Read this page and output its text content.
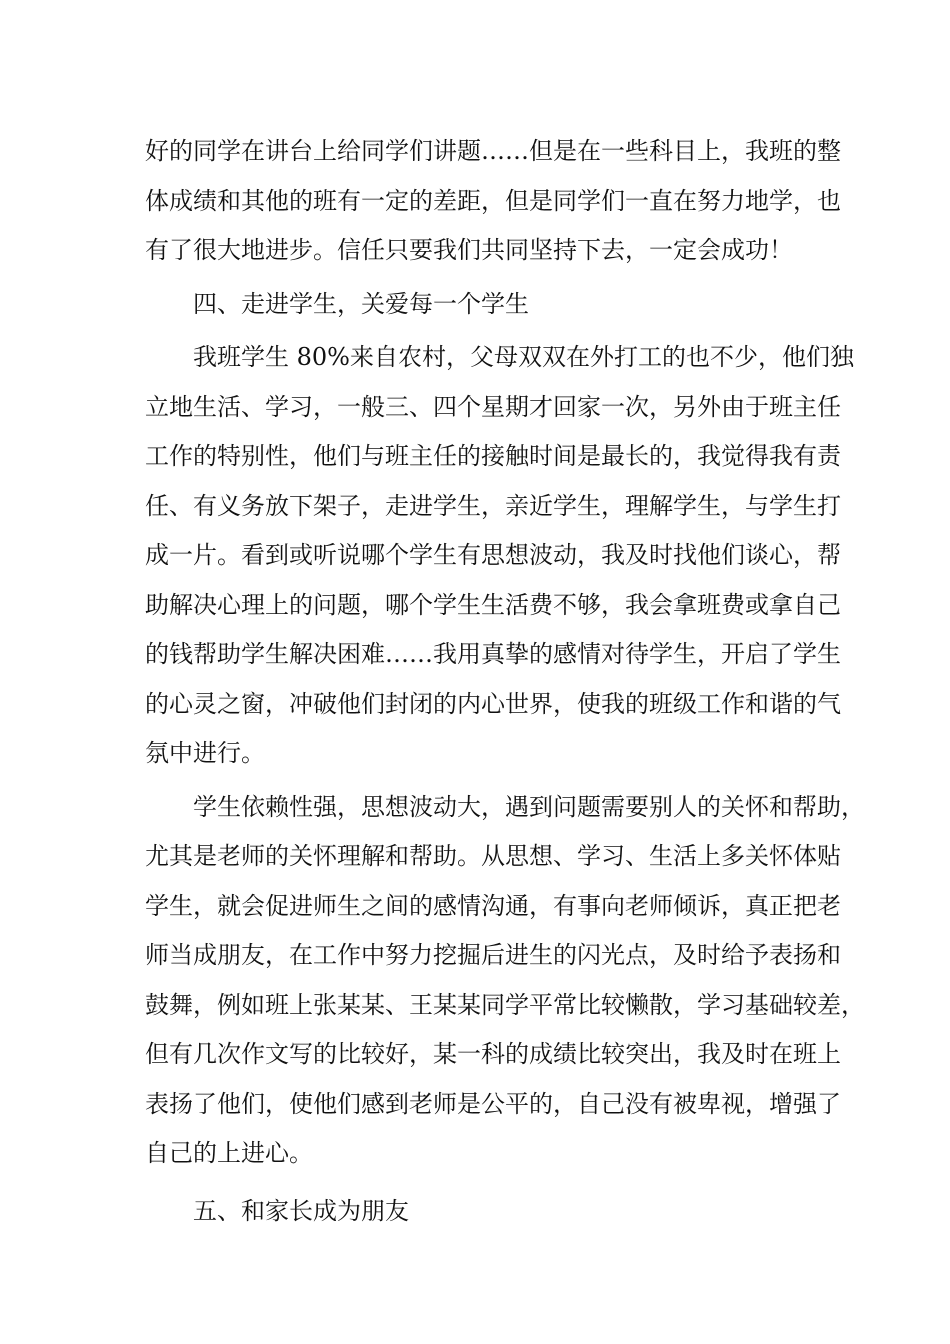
好的同学在讲台上给同学们讲题……但是在一些科目上，我班的整
体成绩和其他的班有一定的差距，但是同学们一直在努力地学，也
有了很大地进步。信任只要我们共同坚持下去，一定会成功！
四、走进学生，关爱每一个学生
我班学生 80%来自农村，父母双双在外打工的也不少，他们独
立地生活、学习，一般三、四个星期才回家一次，另外由于班主任
工作的特别性，他们与班主任的接触时间是最长的，我觉得我有责
任、有义务放下架子，走进学生，亲近学生，理解学生，与学生打
成一片。看到或听说哪个学生有思想波动，我及时找他们谈心，帮
助解决心理上的问题，哪个学生生活费不够，我会拿班费或拿自己
的钱帮助学生解决困难……我用真挚的感情对待学生，开启了学生
的心灵之窗，冲破他们封闭的内心世界，使我的班级工作和谐的气
氛中进行。
学生依赖性强，思想波动大，遇到问题需要别人的关怀和帮助，
尤其是老师的关怀理解和帮助。从思想、学习、生活上多关怀体贴
学生，就会促进师生之间的感情沟通，有事向老师倾诉，真正把老
师当成朋友，在工作中努力挖掘后进生的闪光点，及时给予表扬和
鼓舞，例如班上张某某、王某某同学平常比较懒散，学习基础较差，
但有几次作文写的比较好，某一科的成绩比较突出，我及时在班上
表扬了他们，使他们感到老师是公平的，自己没有被卑视，增强了
自己的上进心。
五、和家长成为朋友
